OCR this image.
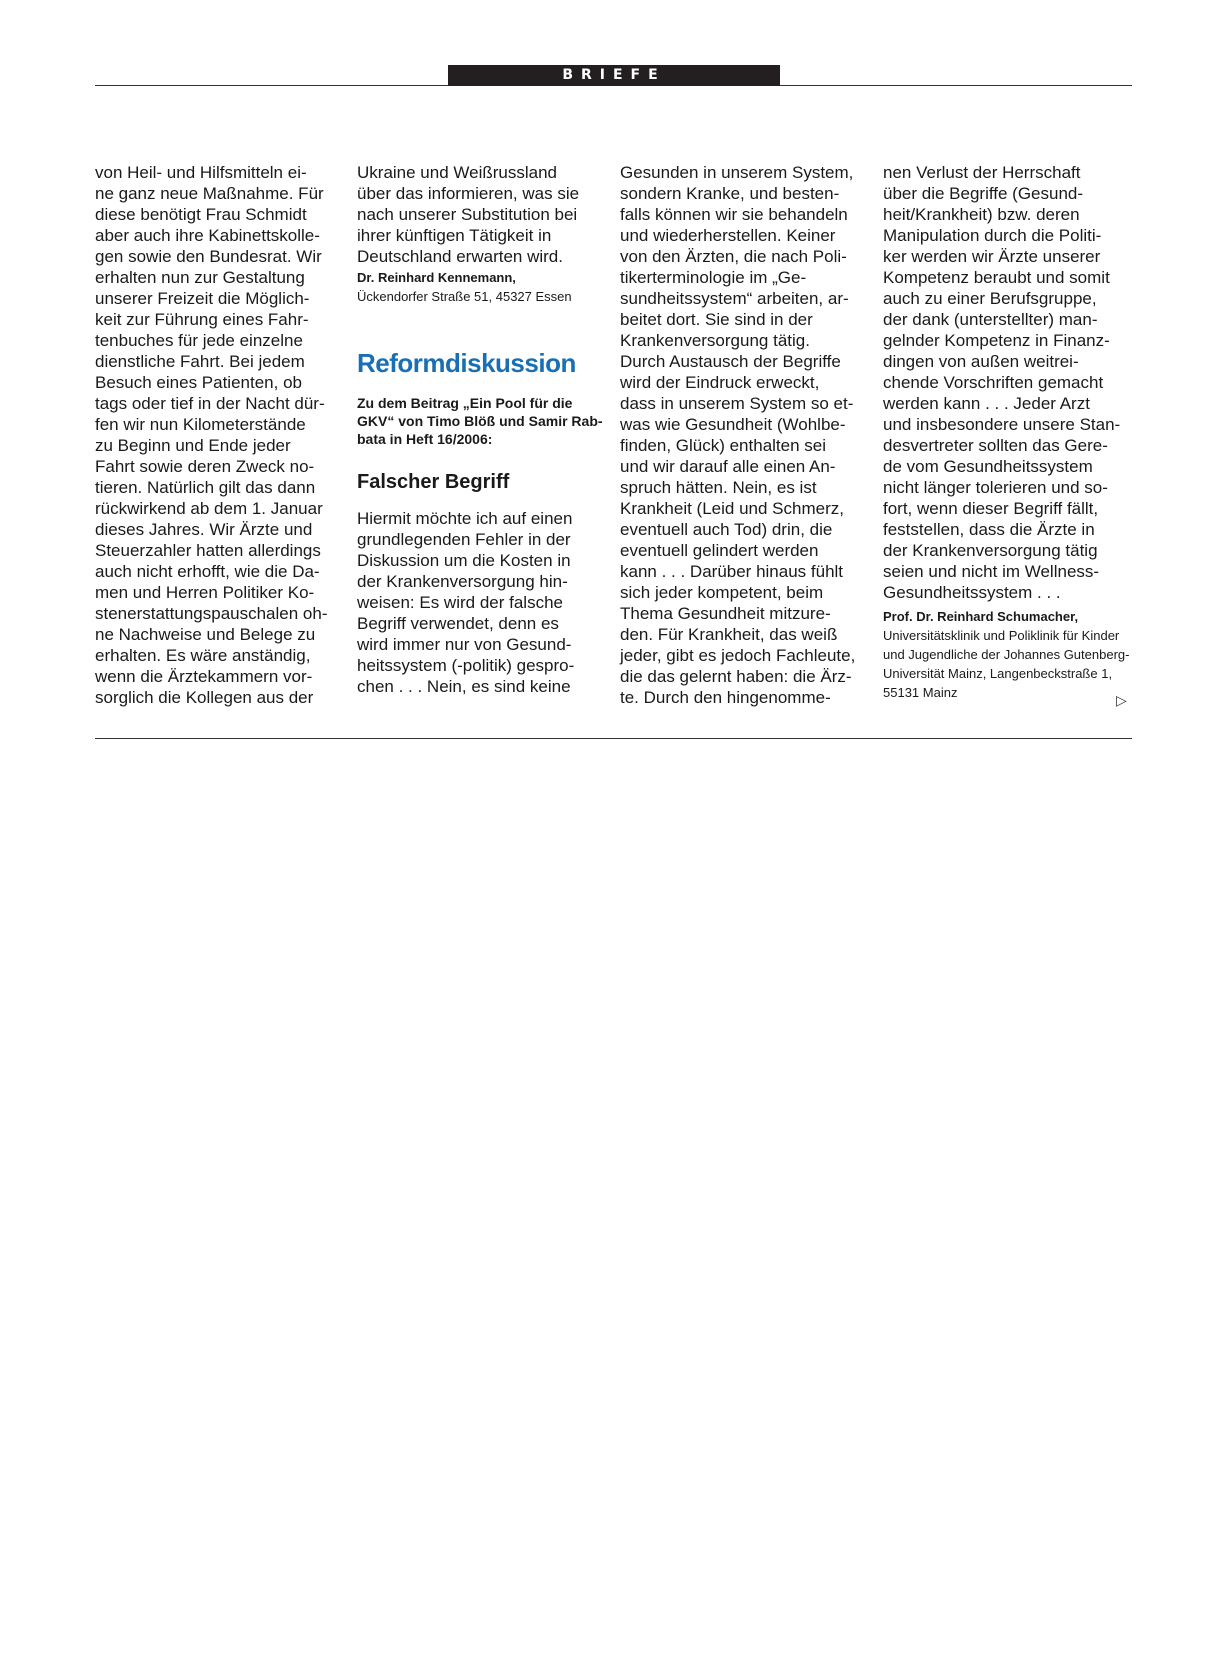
BRIEFE

von Heil- und Hilfsmitteln ei-
ne ganz neue Maßnahme. Für
diese benötigt Frau Schmidt
aber auch ihre Kabinettskolle-
gen sowie den Bundesrat. Wir
erhalten nun zur Gestaltung
unserer Freizeit die Möglich-
keit zur Führung eines Fahr-
tenbuches für jede einzelne
dienstliche Fahrt. Bei jedem
Besuch eines Patienten, ob
tags oder tief in der Nacht dür-
fen wir nun Kilometerstände
zu Beginn und Ende jeder
Fahrt sowie deren Zweck no-
tieren. Natürlich gilt das dann
rückwirkend ab dem 1. Januar
dieses Jahres. Wir Ärzte und
Steuerzahler hatten allerdings
auch nicht erhofft, wie die Da-
men und Herren Politiker Ko-
stenerstattungspauschalen oh-
ne Nachweise und Belege zu
erhalten. Es wäre anständig,
wenn die Ärztekammern vor-
sorglich die Kollegen aus der

Ukraine und Weißrussland
über das informieren, was sie
nach unserer Substitution bei
ihrer künftigen Tätigkeit in
Deutschland erwarten wird.

Dr. Reinhard Kennemann,
Ückendorfer Straße 51, 45327 Essen
Reformdiskussion
Zu dem Beitrag „Ein Pool für die
GKV“ von Timo Blöß und Samir Rab-
bata in Heft 16/2006:
Falscher Begriff

Hiermit möchte ich auf einen
grundlegenden Fehler in der
Diskussion um die Kosten in
der Krankenversorgung hin-
weisen: Es wird der falsche
Begriff verwendet, denn es
wird immer nur von Gesund-
heitssystem (-politik) gespro-
chen . . . Nein, es sind keine

Gesunden in unserem System,
sondern Kranke, und besten-
falls können wir sie behandeln
und wiederherstellen. Keiner
von den Ärzten, die nach Poli-
tikerterminologie im „Ge-
sundheitssystem“ arbeiten, ar-
beitet dort. Sie sind in der
Krankenversorgung tätig.
Durch Austausch der Begriffe
wird der Eindruck erweckt,
dass in unserem System so et-
was wie Gesundheit (Wohlbe-
finden, Glück) enthalten sei
und wir darauf alle einen An-
spruch hätten. Nein, es ist
Krankheit (Leid und Schmerz,
eventuell auch Tod) drin, die
eventuell gelindert werden
kann . . . Darüber hinaus fühlt
sich jeder kompetent, beim
Thema Gesundheit mitzure-
den. Für Krankheit, das weiß
jeder, gibt es jedoch Fachleute,
die das gelernt haben: die Ärz-
te. Durch den hingenomme-

nen Verlust der Herrschaft
über die Begriffe (Gesund-
heit/Krankheit) bzw. deren
Manipulation durch die Politi-
ker werden wir Ärzte unserer
Kompetenz beraubt und somit
auch zu einer Berufsgruppe,
der dank (unterstellter) man-
gelnder Kompetenz in Finanz-
dingen von außen weitrei-
chende Vorschriften gemacht
werden kann . . . Jeder Arzt
und insbesondere unsere Stan-
desvertreter sollten das Gere-
de vom Gesundheitssystem
nicht länger tolerieren und so-
fort, wenn dieser Begriff fällt,
feststellen, dass die Ärzte in
der Krankenversorgung tätig
seien und nicht im Wellness-
Gesundheitssystem . . .

Prof. Dr. Reinhard Schumacher,
Universitätsklinik und Poliklinik für Kinder
und Jugendliche der Johannes Gutenberg-
Universität Mainz, Langenbeckstraße 1,
55131 Mainz	▷
